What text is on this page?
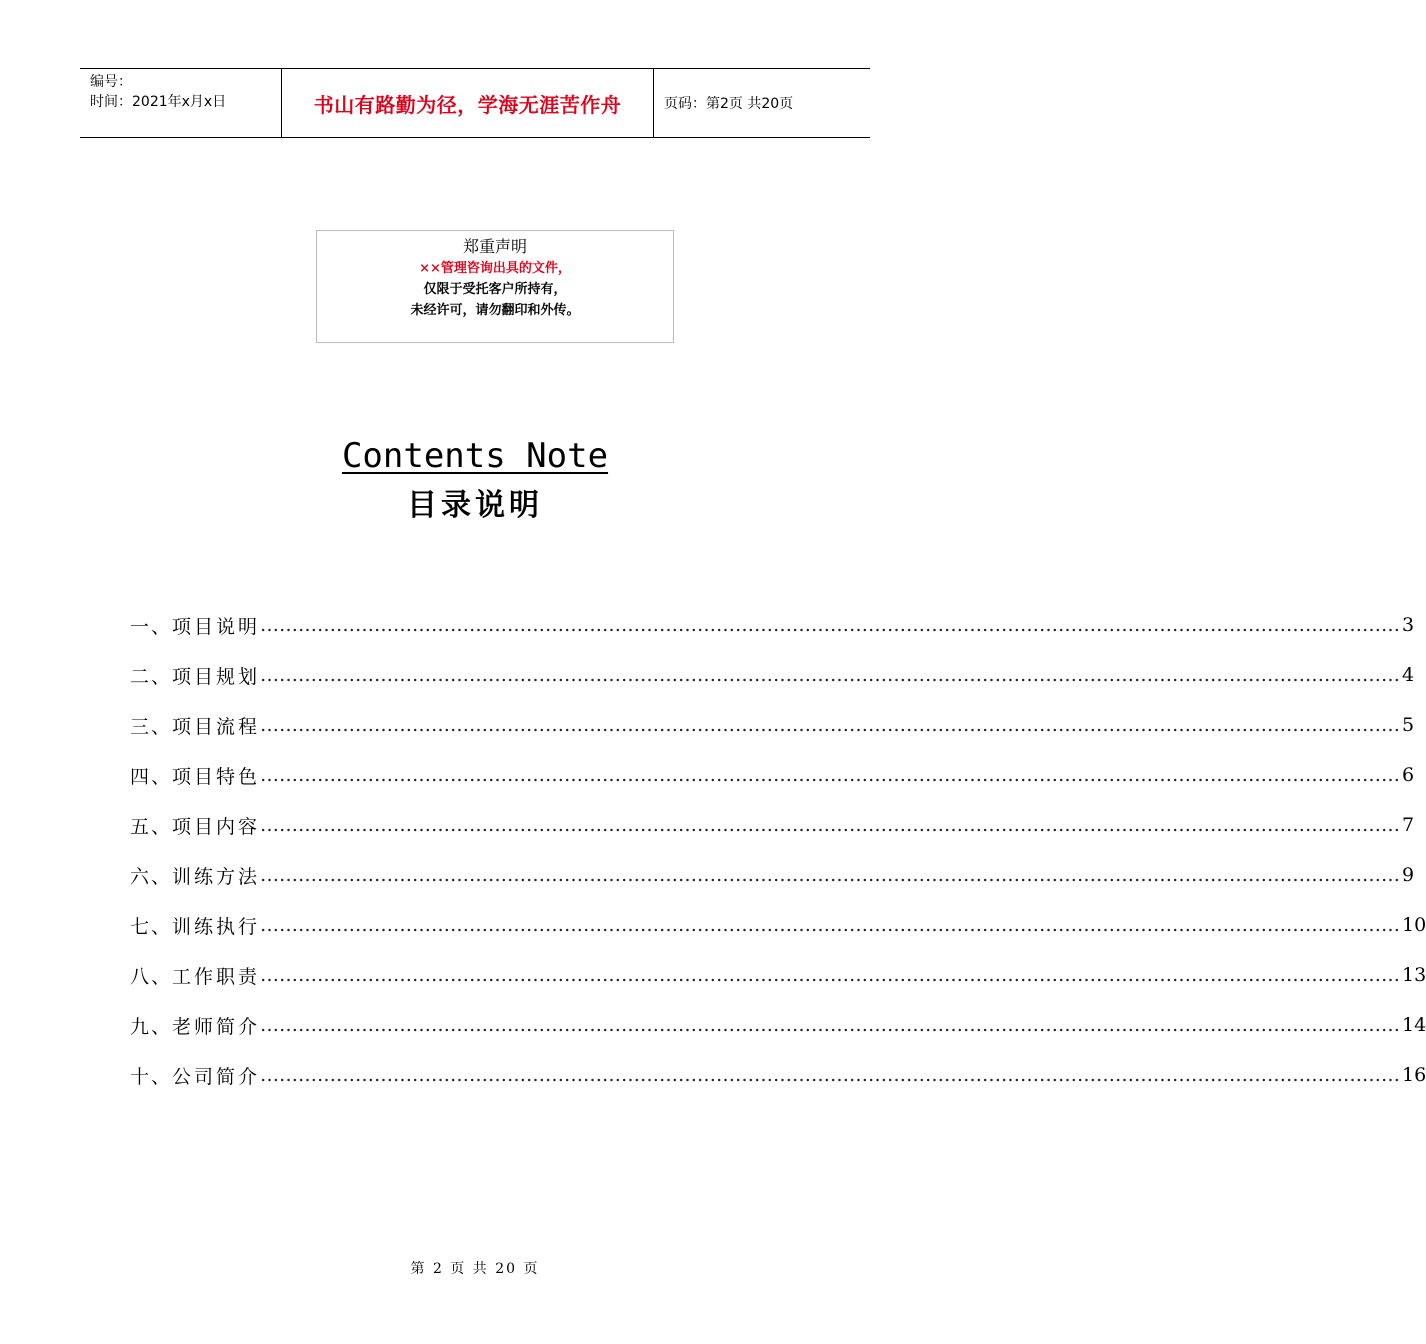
编号：
时间：2021年x月x日	书山有路勤为径，学海无涯苦作舟	页码：第2页 共20页
郑重声明
××管理咨询出具的文件，
仅限于受托客户所持有，
未经许可，请勿翻印和外传。
Contents Note
目录说明
一、 项目说明 ……………………………………………………………………………………………………………………………………………………………… 3
二、 项目规划 ……………………………………………………………………………………………………………………………………………………………… 4
三、 项目流程 ……………………………………………………………………………………………………………………………………………………………… 5
四、 项目特色 ……………………………………………………………………………………………………………………………………………………………… 6
五、 项目内容 ……………………………………………………………………………………………………………………………………………………………… 7
六、 训练方法 ……………………………………………………………………………………………………………………………………………………………… 9
七、 训练执行 ……………………………………………………………………………………………………………………………………………………………… 10
八、 工作职责 ……………………………………………………………………………………………………………………………………………………………… 13
九、 老师简介 ……………………………………………………………………………………………………………………………………………………………… 14
十、 公司简介 ……………………………………………………………………………………………………………………………………………………………… 16
第 2 页 共 20 页
